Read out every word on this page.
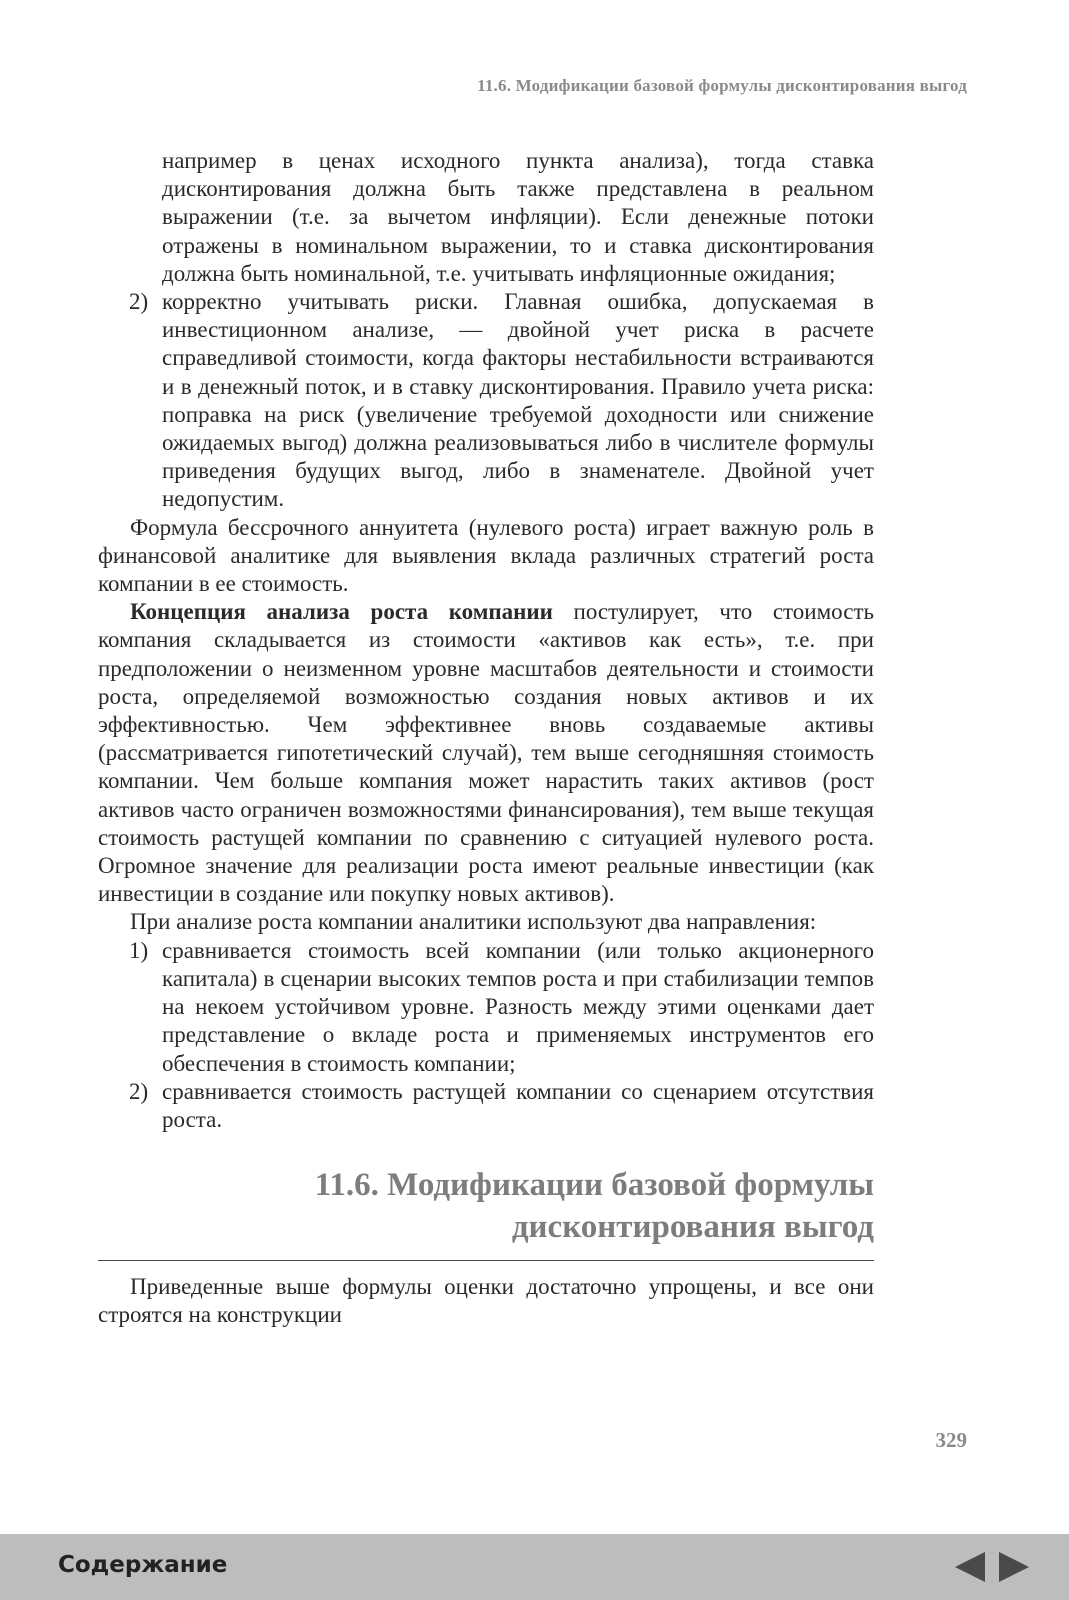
11.6. Модификации базовой формулы дисконтирования выгод

например в ценах исходного пункта анализа), тогда ставка дисконтирования должна быть также представлена в реальном выражении (т.е. за вычетом инфляции). Если денежные потоки отражены в номинальном выражении, то и ставка дисконтирования должна быть номинальной, т.е. учитывать инфляционные ожидания;

2) корректно учитывать риски. Главная ошибка, допускаемая в инвестиционном анализе, — двойной учет риска в расчете справедливой стоимости, когда факторы нестабильности встраиваются и в денежный поток, и в ставку дисконтирования. Правило учета риска: поправка на риск (увеличение требуемой доходности или снижение ожидаемых выгод) должна реализовываться либо в числителе формулы приведения будущих выгод, либо в знаменателе. Двойной учет недопустим.

Формула бессрочного аннуитета (нулевого роста) играет важную роль в финансовой аналитике для выявления вклада различных стратегий роста компании в ее стоимость.

Концепция анализа роста компании постулирует, что стоимость компания складывается из стоимости «активов как есть», т.е. при предположении о неизменном уровне масштабов деятельности и стоимости роста, определяемой возможностью создания новых активов и их эффективностью. Чем эффективнее вновь создаваемые активы (рассматривается гипотетический случай), тем выше сегодняшняя стоимость компании. Чем больше компания может нарастить таких активов (рост активов часто ограничен возможностями финансирования), тем выше текущая стоимость растущей компании по сравнению с ситуацией нулевого роста. Огромное значение для реализации роста имеют реальные инвестиции (как инвестиции в создание или покупку новых активов).

При анализе роста компании аналитики используют два направления:

1) сравнивается стоимость всей компании (или только акционерного капитала) в сценарии высоких темпов роста и при стабилизации темпов на некоем устойчивом уровне. Разность между этими оценками дает представление о вкладе роста и применяемых инструментов его обеспечения в стоимость компании;
2) сравнивается стоимость растущей компании со сценарием отсутствия роста.
11.6. Модификации базовой формулы
дисконтирования выгод

Приведенные выше формулы оценки достаточно упрощены, и все они строятся на конструкции

329
Содержание
